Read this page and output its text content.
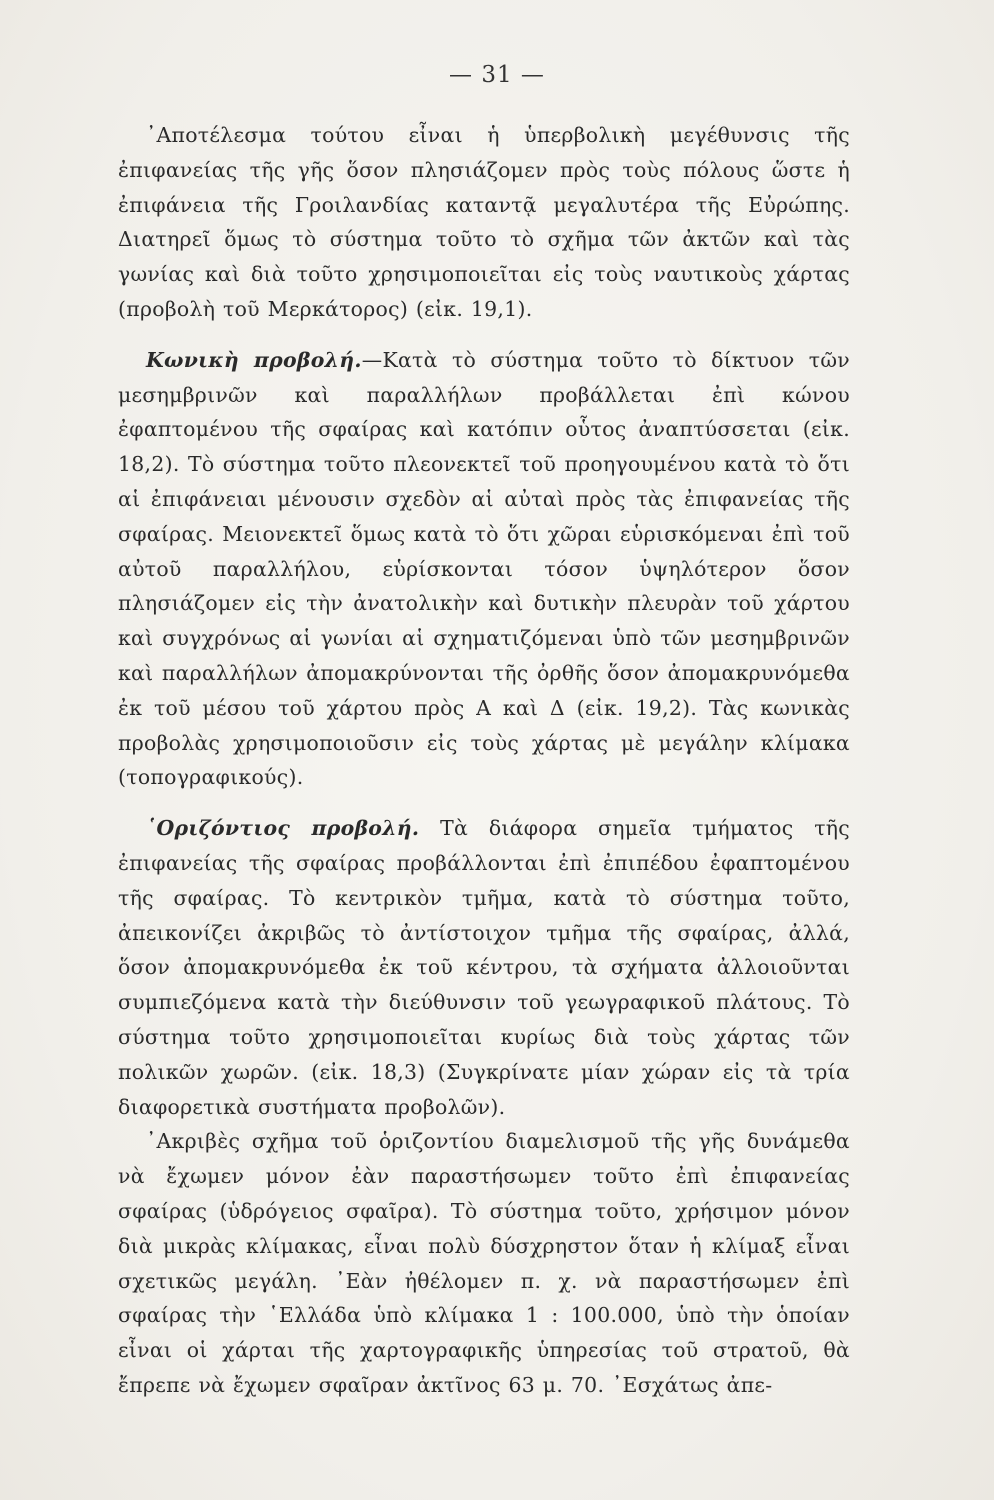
— 31 —

᾿Αποτέλεσμα τούτου εἶναι ἡ ὑπερβολικὴ μεγέθυνσις τῆς ἐπιφανείας τῆς γῆς ὅσον πλησιάζομεν πρὸς τοὺς πόλους ὥστε ἡ ἐπιφάνεια τῆς Γροιλανδίας καταντᾷ μεγαλυτέρα τῆς Εὐρώπης. Διατηρεῖ ὅμως τὸ σύστημα τοῦτο τὸ σχῆμα τῶν ἀκτῶν καὶ τὰς γωνίας καὶ διὰ τοῦτο χρησιμοποιεῖται εἰς τοὺς ναυτικοὺς χάρτας (προβολὴ τοῦ Μερκάτορος) (εἰκ. 19,1).

Κωνικὴ προβολή.—Κατὰ τὸ σύστημα τοῦτο τὸ δίκτυον τῶν μεσημβρινῶν καὶ παραλλήλων προβάλλεται ἐπὶ κώνου ἐφαπτομένου τῆς σφαίρας καὶ κατόπιν οὗτος ἀναπτύσσεται (εἰκ. 18,2). Τὸ σύστημα τοῦτο πλεονεκτεῖ τοῦ προηγουμένου κατὰ τὸ ὅτι αἱ ἐπιφάνειαι μένουσιν σχεδὸν αἱ αὐταὶ πρὸς τὰς ἐπιφανείας τῆς σφαίρας. Μειονεκτεῖ ὅμως κατὰ τὸ ὅτι χῶραι εὑρισκόμεναι ἐπὶ τοῦ αὐτοῦ παραλλήλου, εὑρίσκονται τόσον ὑψηλότερον ὅσον πλησιάζομεν εἰς τὴν ἀνατολικὴν καὶ δυτικὴν πλευρὰν τοῦ χάρτου καὶ συγχρόνως αἱ γωνίαι αἱ σχηματιζόμεναι ὑπὸ τῶν μεσημβρινῶν καὶ παραλλήλων ἀπομακρύνονται τῆς ὀρθῆς ὅσον ἀπομακρυνόμεθα ἐκ τοῦ μέσου τοῦ χάρτου πρὸς Α καὶ Δ (εἰκ. 19,2). Τὰς κωνικὰς προβολὰς χρησιμοποιοῦσιν εἰς τοὺς χάρτας μὲ μεγάλην κλίμακα (τοπογραφικούς).

῾Οριζόντιος προβολή. Τὰ διάφορα σημεῖα τμήματος τῆς ἐπιφανείας τῆς σφαίρας προβάλλονται ἐπὶ ἐπιπέδου ἐφαπτομένου τῆς σφαίρας. Τὸ κεντρικὸν τμῆμα, κατὰ τὸ σύστημα τοῦτο, ἀπεικονίζει ἀκριβῶς τὸ ἀντίστοιχον τμῆμα τῆς σφαίρας, ἀλλά, ὅσον ἀπομακρυνόμεθα ἐκ τοῦ κέντρου, τὰ σχήματα ἀλλοιοῦνται συμπιεζόμενα κατὰ τὴν διεύθυνσιν τοῦ γεωγραφικοῦ πλάτους. Τὸ σύστημα τοῦτο χρησιμοποιεῖται κυρίως διὰ τοὺς χάρτας τῶν πολικῶν χωρῶν. (εἰκ. 18,3) (Συγκρίνατε μίαν χώραν εἰς τὰ τρία διαφορετικὰ συστήματα προβολῶν).

᾿Ακριβὲς σχῆμα τοῦ ὁριζοντίου διαμελισμοῦ τῆς γῆς δυνάμεθα νὰ ἔχωμεν μόνον ἐὰν παραστήσωμεν τοῦτο ἐπὶ ἐπιφανείας σφαίρας (ὑδρόγειος σφαῖρα). Τὸ σύστημα τοῦτο, χρήσιμον μόνον διὰ μικρὰς κλίμακας, εἶναι πολὺ δύσχρηστον ὅταν ἡ κλίμαξ εἶναι σχετικῶς μεγάλη. ᾿Εὰν ἠθέλομεν π. χ. νὰ παραστήσωμεν ἐπὶ σφαίρας τὴν ῾Ελλάδα ὑπὸ κλίμακα 1 : 100.000, ὑπὸ τὴν ὁποίαν εἶναι οἱ χάρται τῆς χαρτογραφικῆς ὑπηρεσίας τοῦ στρατοῦ, θὰ ἔπρεπε νὰ ἔχωμεν σφαῖραν ἀκτῖνος 63 μ. 70. ᾿Εσχάτως ἀπε-
